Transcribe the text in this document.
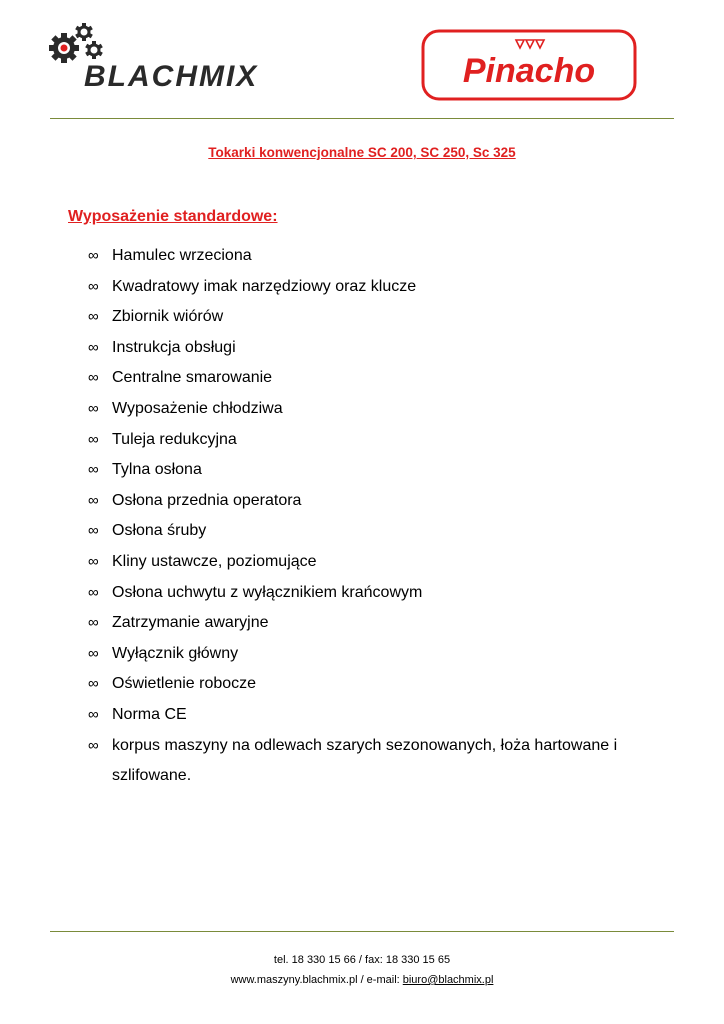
BLACHMIX	Pinacho
Tokarki konwencjonalne SC 200, SC 250, Sc 325
Wyposażenie standardowe:
∞ Hamulec wrzeciona
∞ Kwadratowy imak narzędziowy oraz klucze
∞ Zbiornik wiórów
∞ Instrukcja obsługi
∞ Centralne smarowanie
∞ Wyposażenie chłodziwa
∞ Tuleja redukcyjna
∞ Tylna osłona
∞ Osłona przednia operatora
∞ Osłona śruby
∞ Kliny ustawcze, poziomujące
∞ Osłona uchwytu z wyłącznikiem krańcowym
∞ Zatrzymanie awaryjne
∞ Wyłącznik główny
∞ Oświetlenie robocze
∞ Norma CE
∞ korpus maszyny na odlewach szarych sezonowanych, łoża hartowane i szlifowane.
tel. 18 330 15 66 / fax: 18 330 15 65
www.maszyny.blachmix.pl / e-mail: biuro@blachmix.pl
